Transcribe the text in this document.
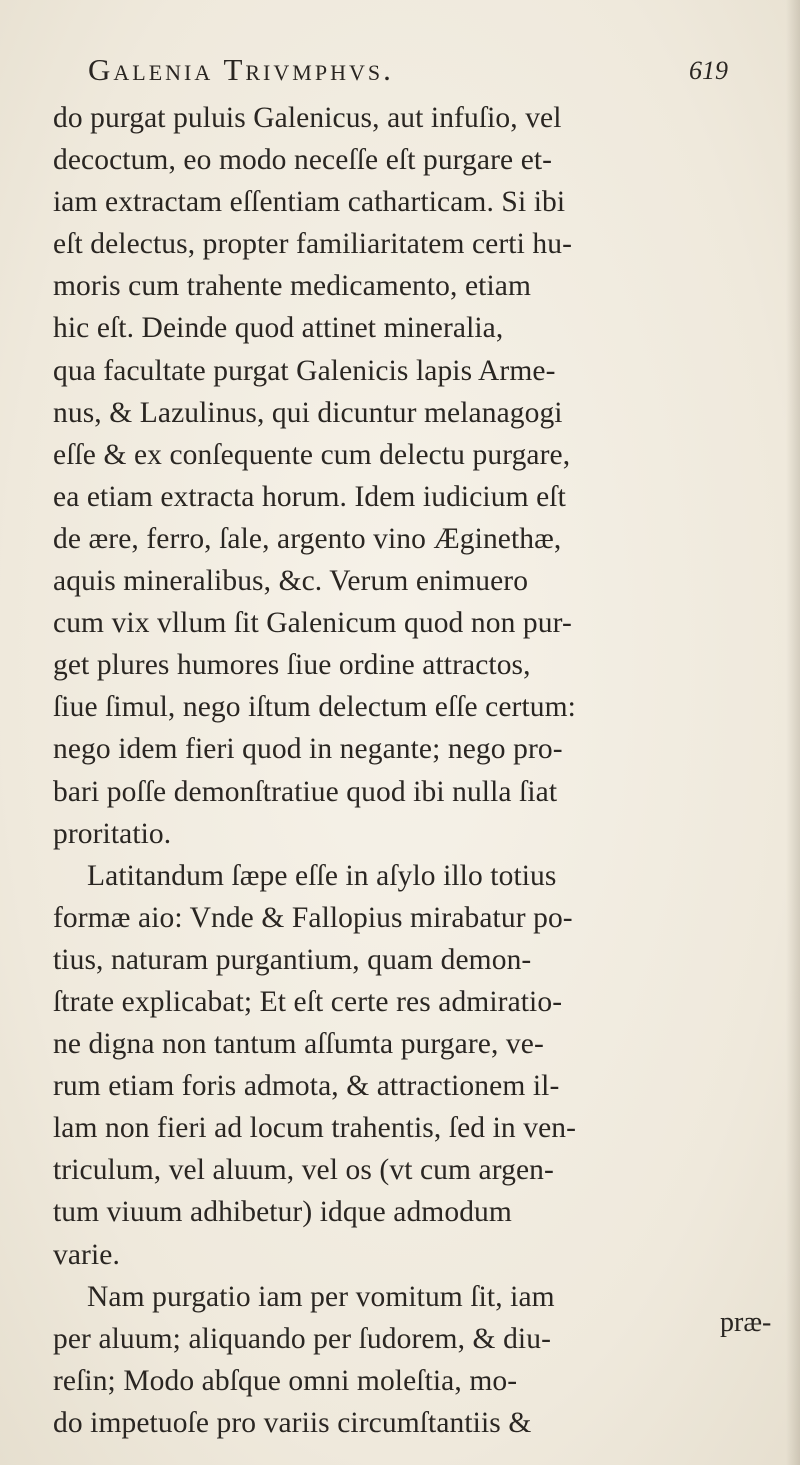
Galenia Trivmphvs.	619
do purgat puluis Galenicus, aut infuſio, vel
decoctum, eo modo neceſſe eſt purgare et-
iam extractam eſſentiam catharticam. Si ibi
eſt delectus, propter familiaritatem certi hu-
moris cum trahente medicamento, etiam
hic eſt. Deinde quod attinet mineralia,
qua facultate purgat Galenicis lapis Arme-
nus, & Lazulinus, qui dicuntur melanagogi
eſſe & ex conſequente cum delectu purgare,
ea etiam extracta horum. Idem iudicium eſt
de ære, ferro, ſale, argento vino Æginethæ,
aquis mineralibus, &c. Verum enimuero
cum vix vllum ſit Galenicum quod non pur-
get plures humores ſiue ordine attractos,
ſiue ſimul, nego iſtum delectum eſſe certum:
nego idem fieri quod in negante; nego pro-
bari poſſe demonſtratiue quod ibi nulla ſiat
proritatio.
Latitandum ſæpe eſſe in aſylo illo totius
formæ aio: Vnde & Fallopius mirabatur po-
tius, naturam purgantium, quam demon-
ſtrate explicabat; Et eſt certe res admiratio-
ne digna non tantum aſſumta purgare, ve-
rum etiam foris admota, & attractionem il-
lam non fieri ad locum trahentis, ſed in ven-
triculum, vel aluum, vel os (vt cum argen-
tum viuum adhibetur) idque admodum
varie.
Nam purgatio iam per vomitum ſit, iam
per aluum; aliquando per ſudorem, & diu-
reſin; Modo abſque omni moleſtia, mo-
do impetuoſe pro variis circumſtantiis &
præ-
